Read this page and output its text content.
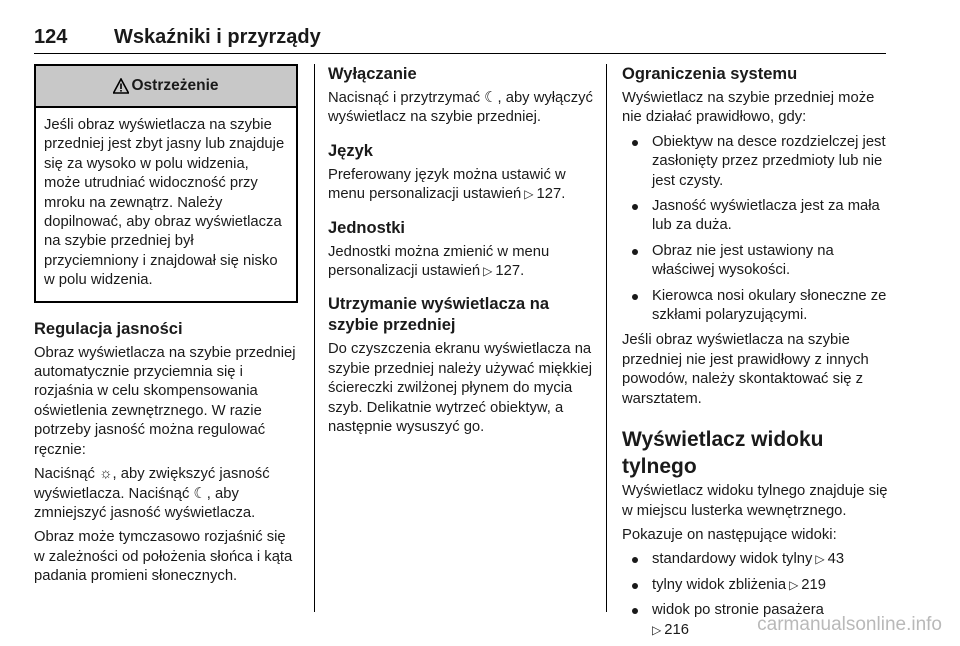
124	Wskaźniki i przyrządy
Ostrzeżenie
Jeśli obraz wyświetlacza na szybie przedniej jest zbyt jasny lub znajduje się za wysoko w polu widzenia, może utrudniać widoczność przy mroku na zewnątrz. Należy dopilnować, aby obraz wyświetlacza na szybie przedniej był przyciemniony i znajdował się nisko w polu widzenia.
Regulacja jasności

Obraz wyświetlacza na szybie przedniej automatycznie przyciemnia się i rozjaśnia w celu skompensowania oświetlenia zewnętrznego. W razie potrzeby jasność można regulować ręcznie:

Naciśnąć ☼, aby zwiększyć jasność wyświetlacza. Naciśnąć ☾, aby zmniejszyć jasność wyświetlacza.

Obraz może tymczasowo rozjaśnić się w zależności od położenia słońca i kąta padania promieni słonecznych.

Wyłączanie

Nacisnąć i przytrzymać ☾, aby wyłączyć wyświetlacz na szybie przedniej.

Język

Preferowany język można ustawić w menu personalizacji ustawień ▷ 127.

Jednostki

Jednostki można zmienić w menu personalizacji ustawień ▷ 127.

Utrzymanie wyświetlacza na szybie przedniej

Do czyszczenia ekranu wyświetlacza na szybie przedniej należy używać miękkiej ściereczki zwilżonej płynem do mycia szyb. Delikatnie wytrzeć obiektyw, a następnie wysuszyć go.

Ograniczenia systemu

Wyświetlacz na szybie przedniej może nie działać prawidłowo, gdy:

Obiektyw na desce rozdzielczej jest zasłonięty przez przedmioty lub nie jest czysty.
Jasność wyświetlacza jest za mała lub za duża.
Obraz nie jest ustawiony na właściwej wysokości.
Kierowca nosi okulary słoneczne ze szkłami polaryzującymi.

Jeśli obraz wyświetlacza na szybie przedniej nie jest prawidłowy z innych powodów, należy skontaktować się z warsztatem.

Wyświetlacz widoku tylnego

Wyświetlacz widoku tylnego znajduje się w miejscu lusterka wewnętrznego.

Pokazuje on następujące widoki:

standardowy widok tylny ▷ 43
tylny widok zbliżenia ▷ 219
widok po stronie pasażera
▷ 216	carmanualsonline.info
